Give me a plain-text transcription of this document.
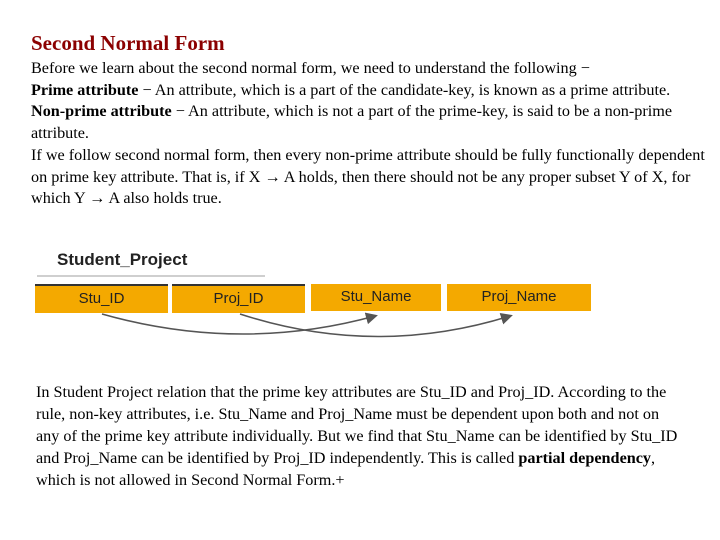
Second Normal Form

Before we learn about the second normal form, we need to understand the following −

Prime attribute − An attribute, which is a part of the candidate-key, is known as a prime attribute.

Non-prime attribute − An attribute, which is not a part of the prime-key, is said to be a non-prime attribute.

If we follow second normal form, then every non-prime attribute should be fully functionally dependent on prime key attribute. That is, if X → A holds, then there should not be any proper subset Y of X, for which Y → A also holds true.

Student_Project
Stu_ID	Proj_ID	Stu_Name	Proj_Name

In Student Project relation that the prime key attributes are Stu_ID and Proj_ID. According to the rule, non-key attributes, i.e. Stu_Name and Proj_Name must be dependent upon both and not on any of the prime key attribute individually. But we find that Stu_Name can be identified by Stu_ID and Proj_Name can be identified by Proj_ID independently. This is called partial dependency, which is not allowed in Second Normal Form.+
